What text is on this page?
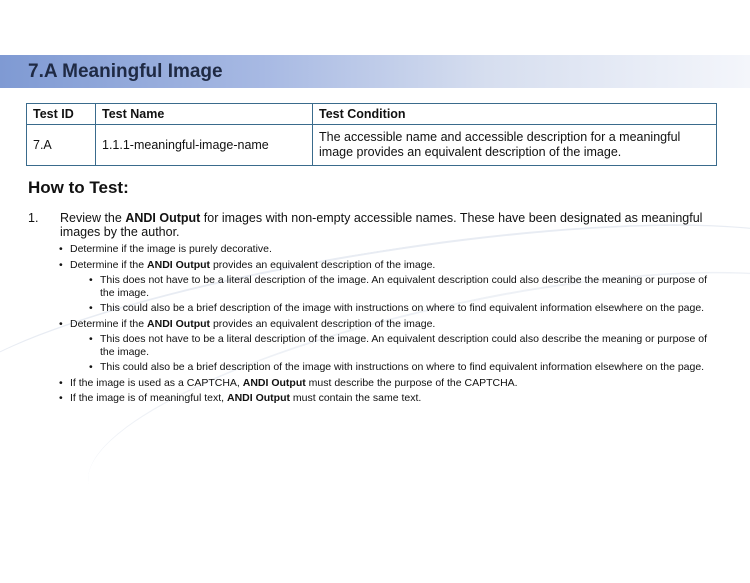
7.A Meaningful Image
Test ID	Test Name	Test Condition
7.A	1.1.1-meaningful-image-name	The accessible name and accessible description for a meaningful image provides an equivalent description of the image.
How to Test:
1.	Review the ANDI Output for images with non-empty accessible names. These have been designated as meaningful images by the author.
• Determine if the image is purely decorative.
• Determine if the ANDI Output provides an equivalent description of the image.
• This does not have to be a literal description of the image. An equivalent description could also describe the meaning or purpose of the image.
• This could also be a brief description of the image with instructions on where to find equivalent information elsewhere on the page.
• Determine if the ANDI Output provides an equivalent description of the image.
• This does not have to be a literal description of the image. An equivalent description could also describe the meaning or purpose of the image.
• This could also be a brief description of the image with instructions on where to find equivalent information elsewhere on the page.
• If the image is used as a CAPTCHA, ANDI Output must describe the purpose of the CAPTCHA.
• If the image is of meaningful text, ANDI Output must contain the same text.
